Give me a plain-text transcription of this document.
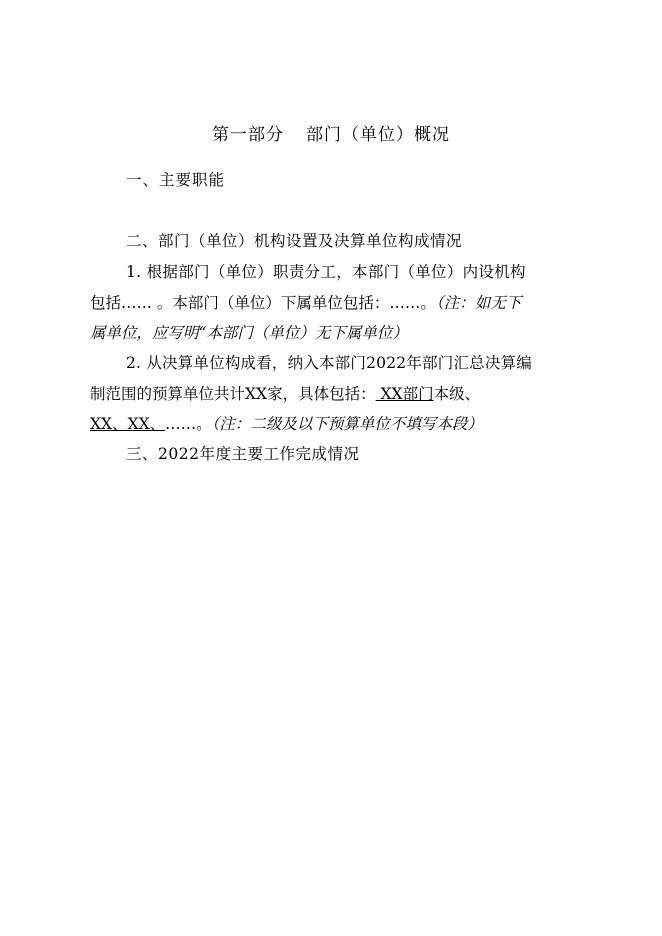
第一部分 部门（单位）概况
一、主要职能
二、部门（单位）机构设置及决算单位构成情况
1. 根据部门（单位）职责分工，本部门（单位）内设机构
包括…… 。本部门（单位）下属单位包括：……。（注：如无下
属单位，应写明“本部门（单位）无下属单位）
2. 从决算单位构成看，纳入本部门2022年部门汇总决算编
制范围的预算单位共计XX家，具体包括： XX部门本级、
XX、XX、……。（注：二级及以下预算单位不填写本段）
三、2022年度主要工作完成情况
